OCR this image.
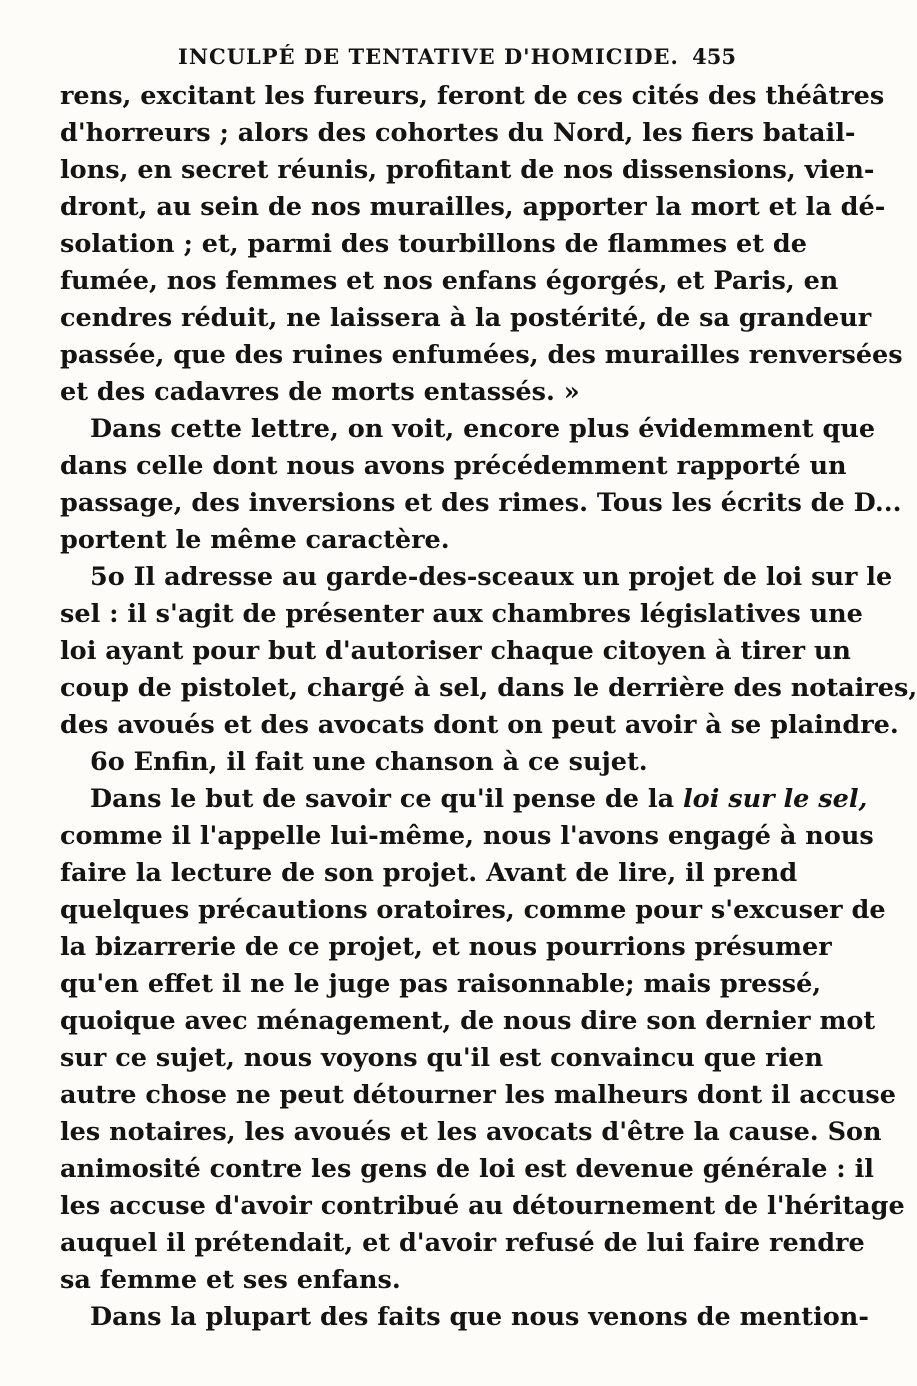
INCULPÉ DE TENTATIVE D'HOMICIDE. 455
rens, excitant les fureurs, feront de ces cités des théâtres
d'horreurs ; alors des cohortes du Nord, les fiers batail-
lons, en secret réunis, profitant de nos dissensions, vien-
dront, au sein de nos murailles, apporter la mort et la dé-
solation ; et, parmi des tourbillons de flammes et de
fumée, nos femmes et nos enfans égorgés, et Paris, en
cendres réduit, ne laissera à la postérité, de sa grandeur
passée, que des ruines enfumées, des murailles renversées
et des cadavres de morts entassés. »
Dans cette lettre, on voit, encore plus évidemment que
dans celle dont nous avons précédemment rapporté un
passage, des inversions et des rimes. Tous les écrits de D...
portent le même caractère.
5o Il adresse au garde-des-sceaux un projet de loi sur le
sel : il s'agit de présenter aux chambres législatives une
loi ayant pour but d'autoriser chaque citoyen à tirer un
coup de pistolet, chargé à sel, dans le derrière des notaires,
des avoués et des avocats dont on peut avoir à se plaindre.
6o Enfin, il fait une chanson à ce sujet.
Dans le but de savoir ce qu'il pense de la loi sur le sel,
comme il l'appelle lui-même, nous l'avons engagé à nous
faire la lecture de son projet. Avant de lire, il prend
quelques précautions oratoires, comme pour s'excuser de
la bizarrerie de ce projet, et nous pourrions présumer
qu'en effet il ne le juge pas raisonnable; mais pressé,
quoique avec ménagement, de nous dire son dernier mot
sur ce sujet, nous voyons qu'il est convaincu que rien
autre chose ne peut détourner les malheurs dont il accuse
les notaires, les avoués et les avocats d'être la cause. Son
animosité contre les gens de loi est devenue générale : il
les accuse d'avoir contribué au détournement de l'héritage
auquel il prétendait, et d'avoir refusé de lui faire rendre
sa femme et ses enfans.
Dans la plupart des faits que nous venons de mention-
